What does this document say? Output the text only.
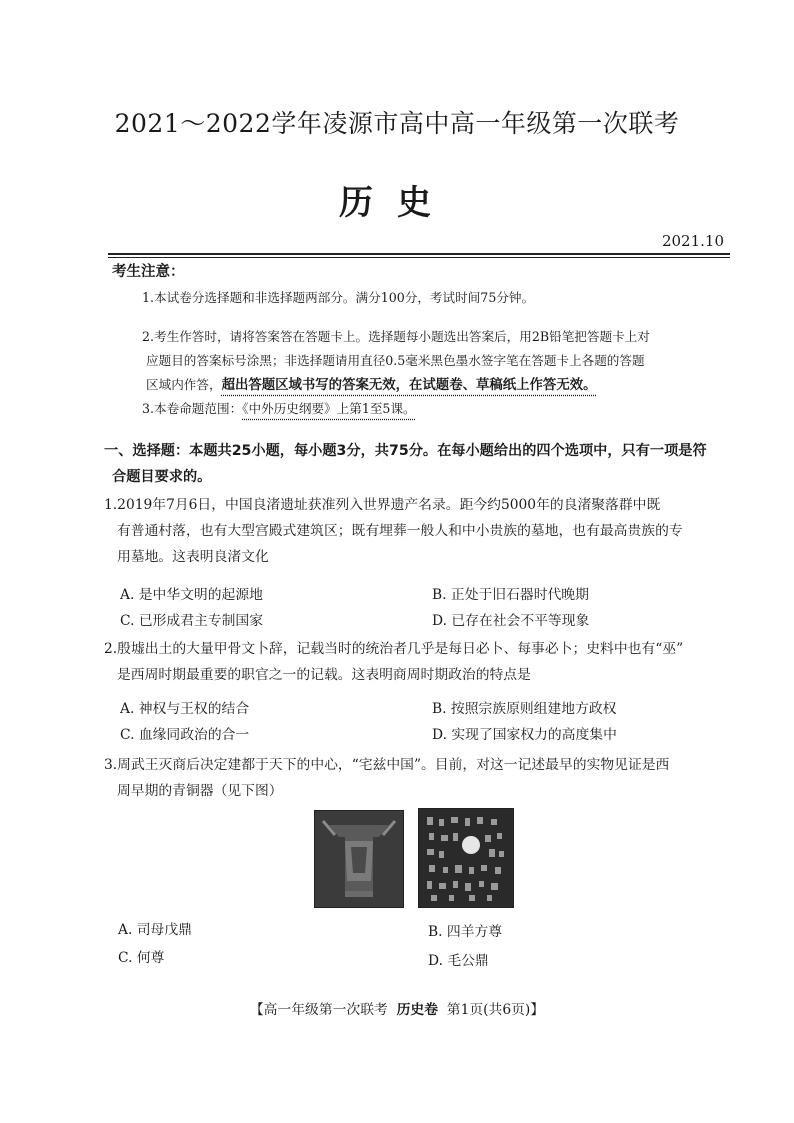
2021～2022学年凌源市高中高一年级第一次联考
历史
2021.10
考生注意：
1.本试卷分选择题和非选择题两部分。满分100分，考试时间75分钟。
2.考生作答时，请将答案答在答题卡上。选择题每小题选出答案后，用2B铅笔把答题卡上对
应题目的答案标号涂黑；非选择题请用直径0.5毫米黑色墨水签字笔在答题卡上各题的答题
区域内作答，超出答题区域书写的答案无效，在试题卷、草稿纸上作答无效。
3.本卷命题范围：《中外历史纲要》上第1至5课。
一、选择题：本题共25小题，每小题3分，共75分。在每小题给出的四个选项中，只有一项是符
合题目要求的。
1.2019年7月6日，中国良渚遗址获准列入世界遗产名录。距今约5000年的良渚聚落群中既
有普通村落，也有大型宫殿式建筑区；既有埋葬一般人和中小贵族的墓地，也有最高贵族的专
用墓地。这表明良渚文化
A. 是中华文明的起源地	B. 正处于旧石器时代晚期
C. 已形成君主专制国家	D. 已存在社会不平等现象
2.殷墟出土的大量甲骨文卜辞，记载当时的统治者几乎是每日必卜、每事必卜；史料中也有“巫”
是西周时期最重要的职官之一的记载。这表明商周时期政治的特点是
A. 神权与王权的结合	B. 按照宗族原则组建地方政权
C. 血缘同政治的合一	D. 实现了国家权力的高度集中
3.周武王灭商后决定建都于天下的中心，“宅兹中国”。目前，对这一记述最早的实物见证是西
周早期的青铜器（见下图）
A. 司母戊鼎	B. 四羊方尊
C. 何尊	D. 毛公鼎
【高一年级第一次联考 历史卷 第1页(共6页)】
